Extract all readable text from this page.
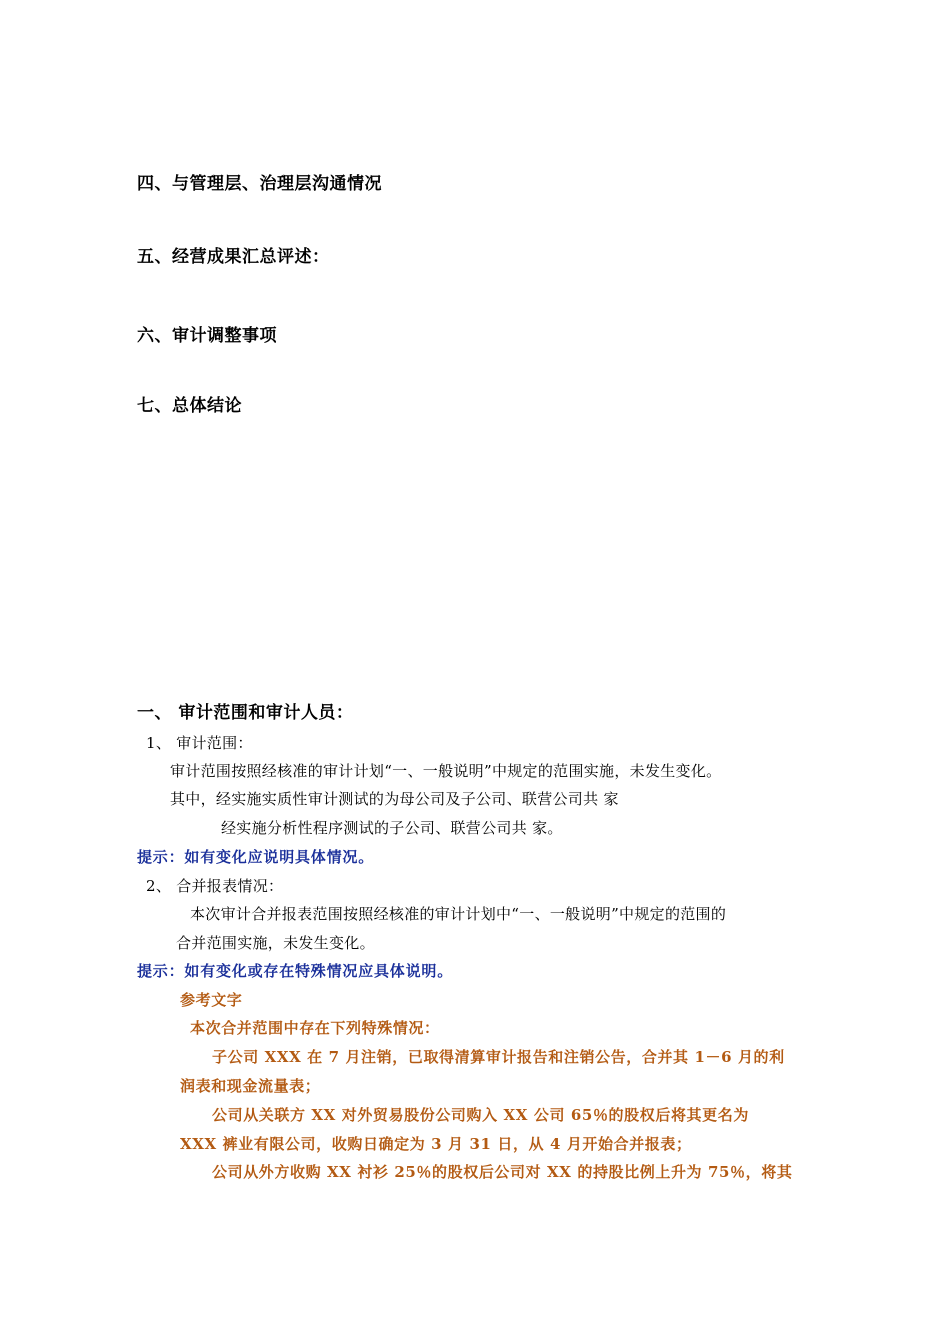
四、与管理层、治理层沟通情况
五、经营成果汇总评述：
六、审计调整事项
七、总体结论
一、 审计范围和审计人员：
1、 审计范围：
审计范围按照经核准的审计计划“一、一般说明”中规定的范围实施，未发生变化。
其中，经实施实质性审计测试的为母公司及子公司、联营公司共 家
经实施分析性程序测试的子公司、联营公司共 家。
提示：如有变化应说明具体情况。
2、 合并报表情况：
本次审计合并报表范围按照经核准的审计计划中“一、一般说明”中规定的范围的
合并范围实施，未发生变化。
提示：如有变化或存在特殊情况应具体说明。
参考文字
本次合并范围中存在下列特殊情况：
子公司 XXX 在 7 月注销，已取得清算审计报告和注销公告，合并其 1－6 月的利
润表和现金流量表；
公司从关联方 XX 对外贸易股份公司购入 XX 公司 65％的股权后将其更名为
XXX 裤业有限公司，收购日确定为 3 月 31 日，从 4 月开始合并报表；
公司从外方收购 XX 衬衫 25％的股权后公司对 XX 的持股比例上升为 75％，将其
